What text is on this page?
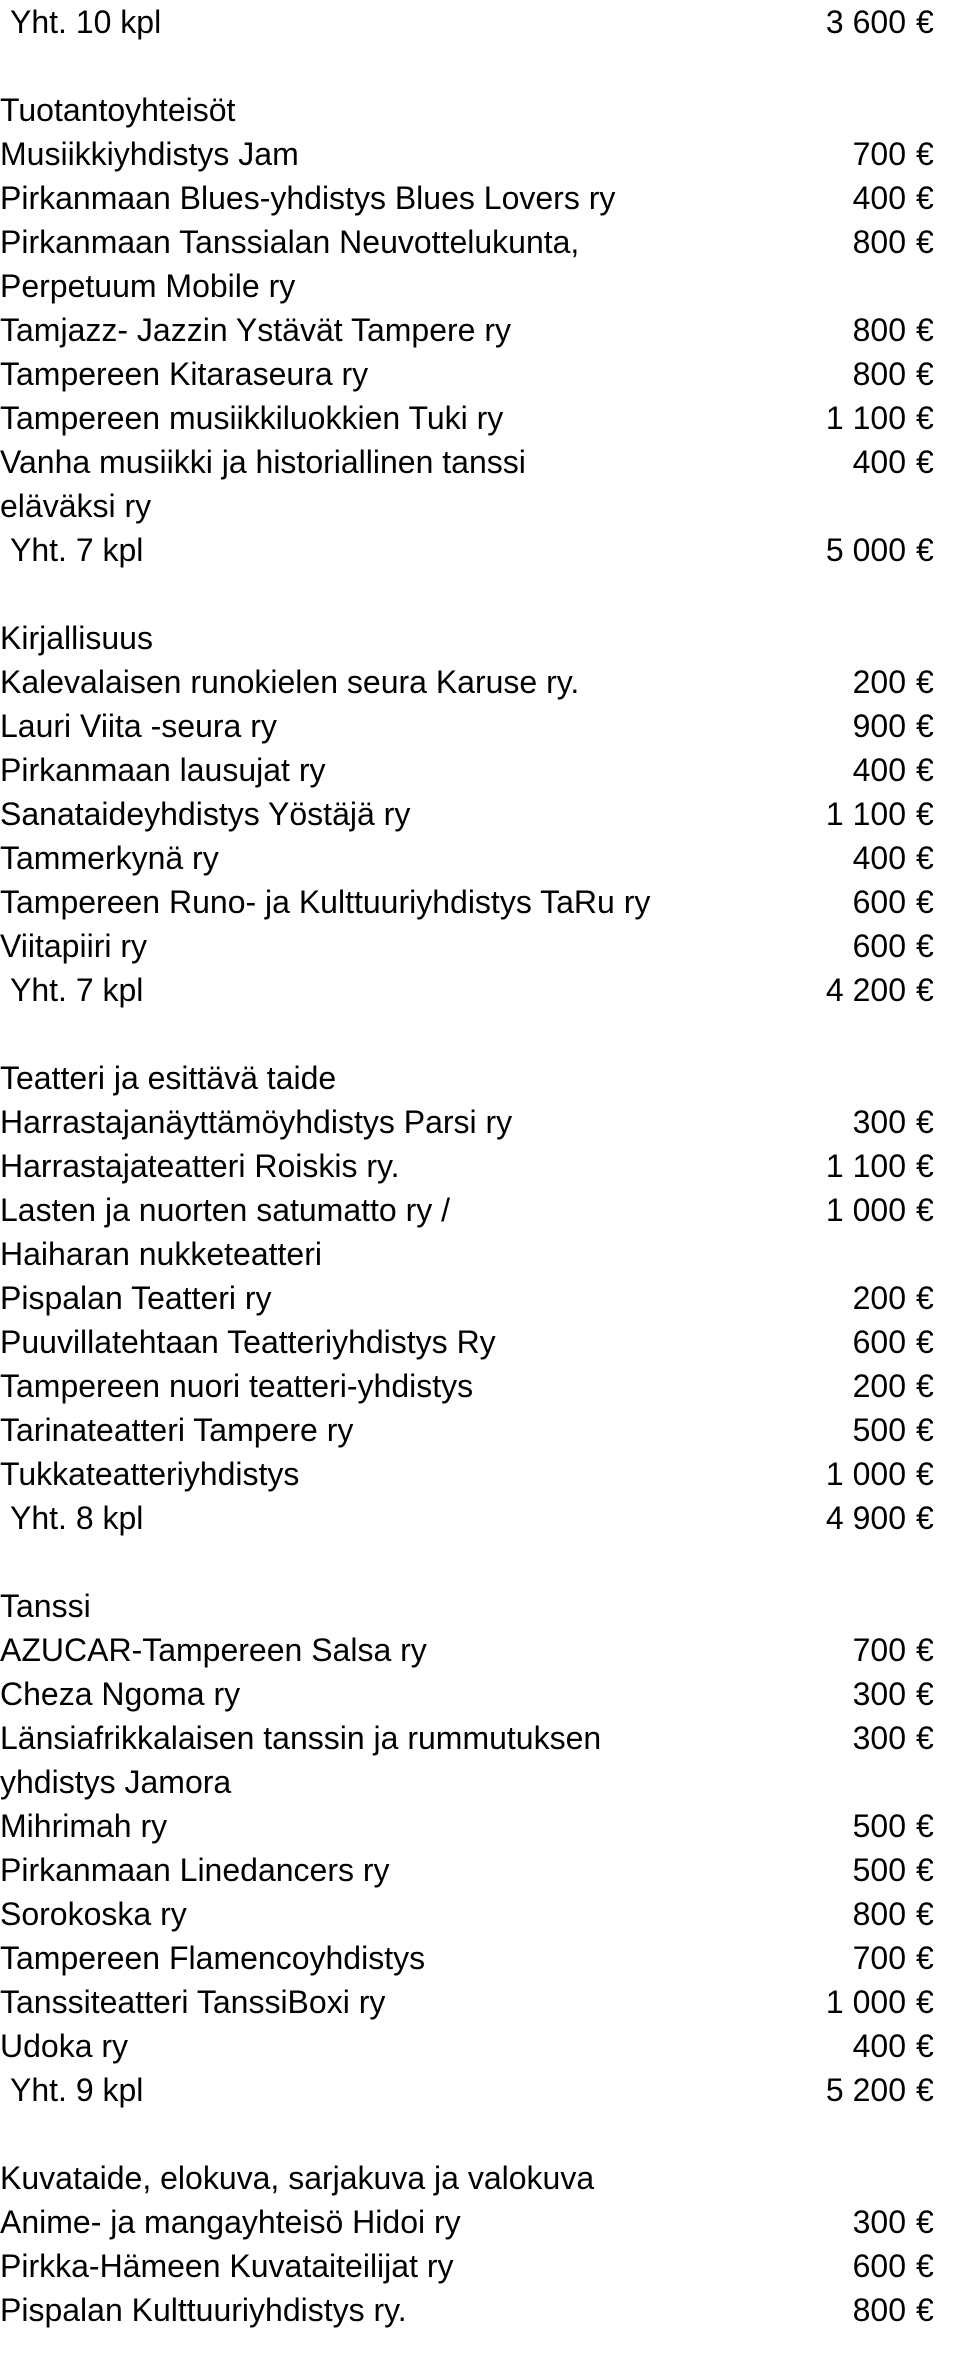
Yht. 10 kpl	3 600 €
Tuotantoyhteisöt
Musiikkiyhdistys Jam	700 €
Pirkanmaan Blues-yhdistys Blues Lovers ry	400 €
Pirkanmaan Tanssialan Neuvottelukunta,	800 €
Perpetuum Mobile ry
Tamjazz- Jazzin Ystävät Tampere ry	800 €
Tampereen Kitaraseura ry	800 €
Tampereen musiikkiluokkien Tuki ry	1 100 €
Vanha musiikki ja historiallinen tanssi	400 €
eläväksi ry
Yht. 7 kpl	5 000 €
Kirjallisuus
Kalevalaisen runokielen seura Karuse ry.	200 €
Lauri Viita -seura ry	900 €
Pirkanmaan lausujat ry	400 €
Sanataideyhdistys Yöstäjä ry	1 100 €
Tammerkynä ry	400 €
Tampereen Runo- ja Kulttuuriyhdistys TaRu ry	600 €
Viitapiiri ry	600 €
Yht. 7 kpl	4 200 €
Teatteri ja esittävä taide
Harrastajanäyttämöyhdistys Parsi ry	300 €
Harrastajateatteri Roiskis ry.	1 100 €
Lasten ja nuorten satumatto ry /	1 000 €
Haiharan nukketeatteri
Pispalan Teatteri ry	200 €
Puuvillatehtaan Teatteriyhdistys Ry	600 €
Tampereen nuori teatteri-yhdistys	200 €
Tarinateatteri Tampere ry	500 €
Tukkateatteriyhdistys	1 000 €
Yht. 8 kpl	4 900 €
Tanssi
AZUCAR-Tampereen Salsa ry	700 €
Cheza Ngoma ry	300 €
Länsiafrikkalaisen tanssin ja rummutuksen	300 €
yhdistys Jamora
Mihrimah ry	500 €
Pirkanmaan Linedancers ry	500 €
Sorokoska ry	800 €
Tampereen Flamencoyhdistys	700 €
Tanssiteatteri TanssiBoxi ry	1 000 €
Udoka ry	400 €
Yht. 9 kpl	5 200 €
Kuvataide, elokuva, sarjakuva ja valokuva
Anime- ja mangayhteisö Hidoi ry	300 €
Pirkka-Hämeen Kuvataiteilijat ry	600 €
Pispalan Kulttuuriyhdistys ry.	800 €
